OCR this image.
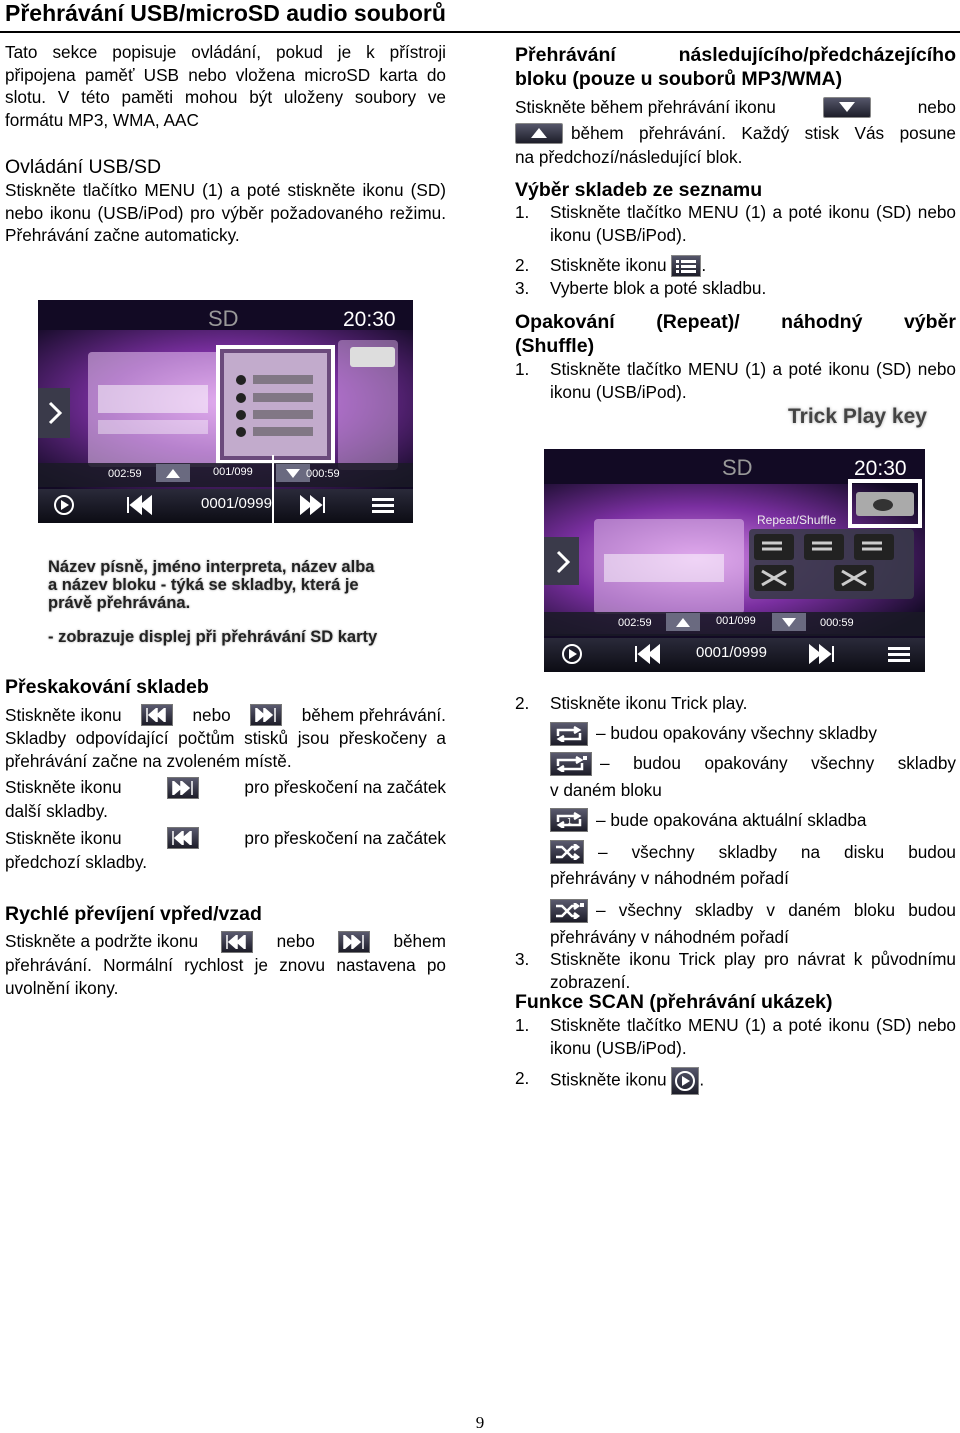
Přehrávání USB/microSD audio souborů
Tato sekce popisuje ovládání, pokud je k přístroji připojena paměť USB nebo vložena microSD karta do slotu. V této paměti mohou být uloženy soubory ve formátu MP3, WMA, AAC
Ovládání USB/SD
Stiskněte tlačítko MENU (1) a poté stiskněte ikonu (SD) nebo ikonu (USB/iPod) pro výběr požadovaného režimu. Přehrávání začne automaticky.
SD	20:30
002:59	001/099	000:59
0001/0999
Název písně, jméno interpreta, název alba
a název bloku - týká se skladby, která je
právě přehrávána.
- zobrazuje displej při přehrávání SD karty
Přehrávání následujícího/předcházejícího
bloku (pouze u souborů MP3/WMA)
Stiskněte během přehrávání ikonu	nebo
během přehrávání. Každý stisk Vás posune
na předchozí/následující blok.
Výběr skladeb ze seznamu
1. Stiskněte tlačítko MENU (1) a poté ikonu (SD) nebo ikonu (USB/iPod).
2. Stiskněte ikonu .
3. Vyberte blok a poté skladbu.
Opakování (Repeat)/ náhodný výběr
(Shuffle)
1. Stiskněte tlačítko MENU (1) a poté ikonu (SD) nebo ikonu (USB/iPod).
Trick Play key
SD	20:30
Repeat/Shuffle
002:59	001/099	000:59
0001/0999
Přeskakování skladeb
Stiskněte ikonu	nebo	během přehrávání.
Skladby odpovídající počtům stisků jsou přeskočeny a přehrávání začne na zvoleném místě.
Stiskněte ikonu	pro přeskočení na začátek
další skladby.
Stiskněte ikonu	pro přeskočení na začátek
předchozí skladby.
Rychlé převíjení vpřed/vzad
Stiskněte a podržte ikonu	nebo	během
přehrávání. Normální rychlost je znovu nastavena po uvolnění ikony.
2. Stiskněte ikonu Trick play.
– budou opakovány všechny skladby
– budou opakovány všechny skladby
v daném bloku
1 – bude opakována aktuální skladba
– všechny skladby na disku budou
přehrávány v náhodném pořadí
– všechny skladby v daném bloku budou
přehrávány v náhodném pořadí
3. Stiskněte ikonu Trick play pro návrat k původnímu zobrazení.
Funkce SCAN (přehrávání ukázek)
1. Stiskněte tlačítko MENU (1) a poté ikonu (SD) nebo ikonu (USB/iPod).
2. Stiskněte ikonu .
9
